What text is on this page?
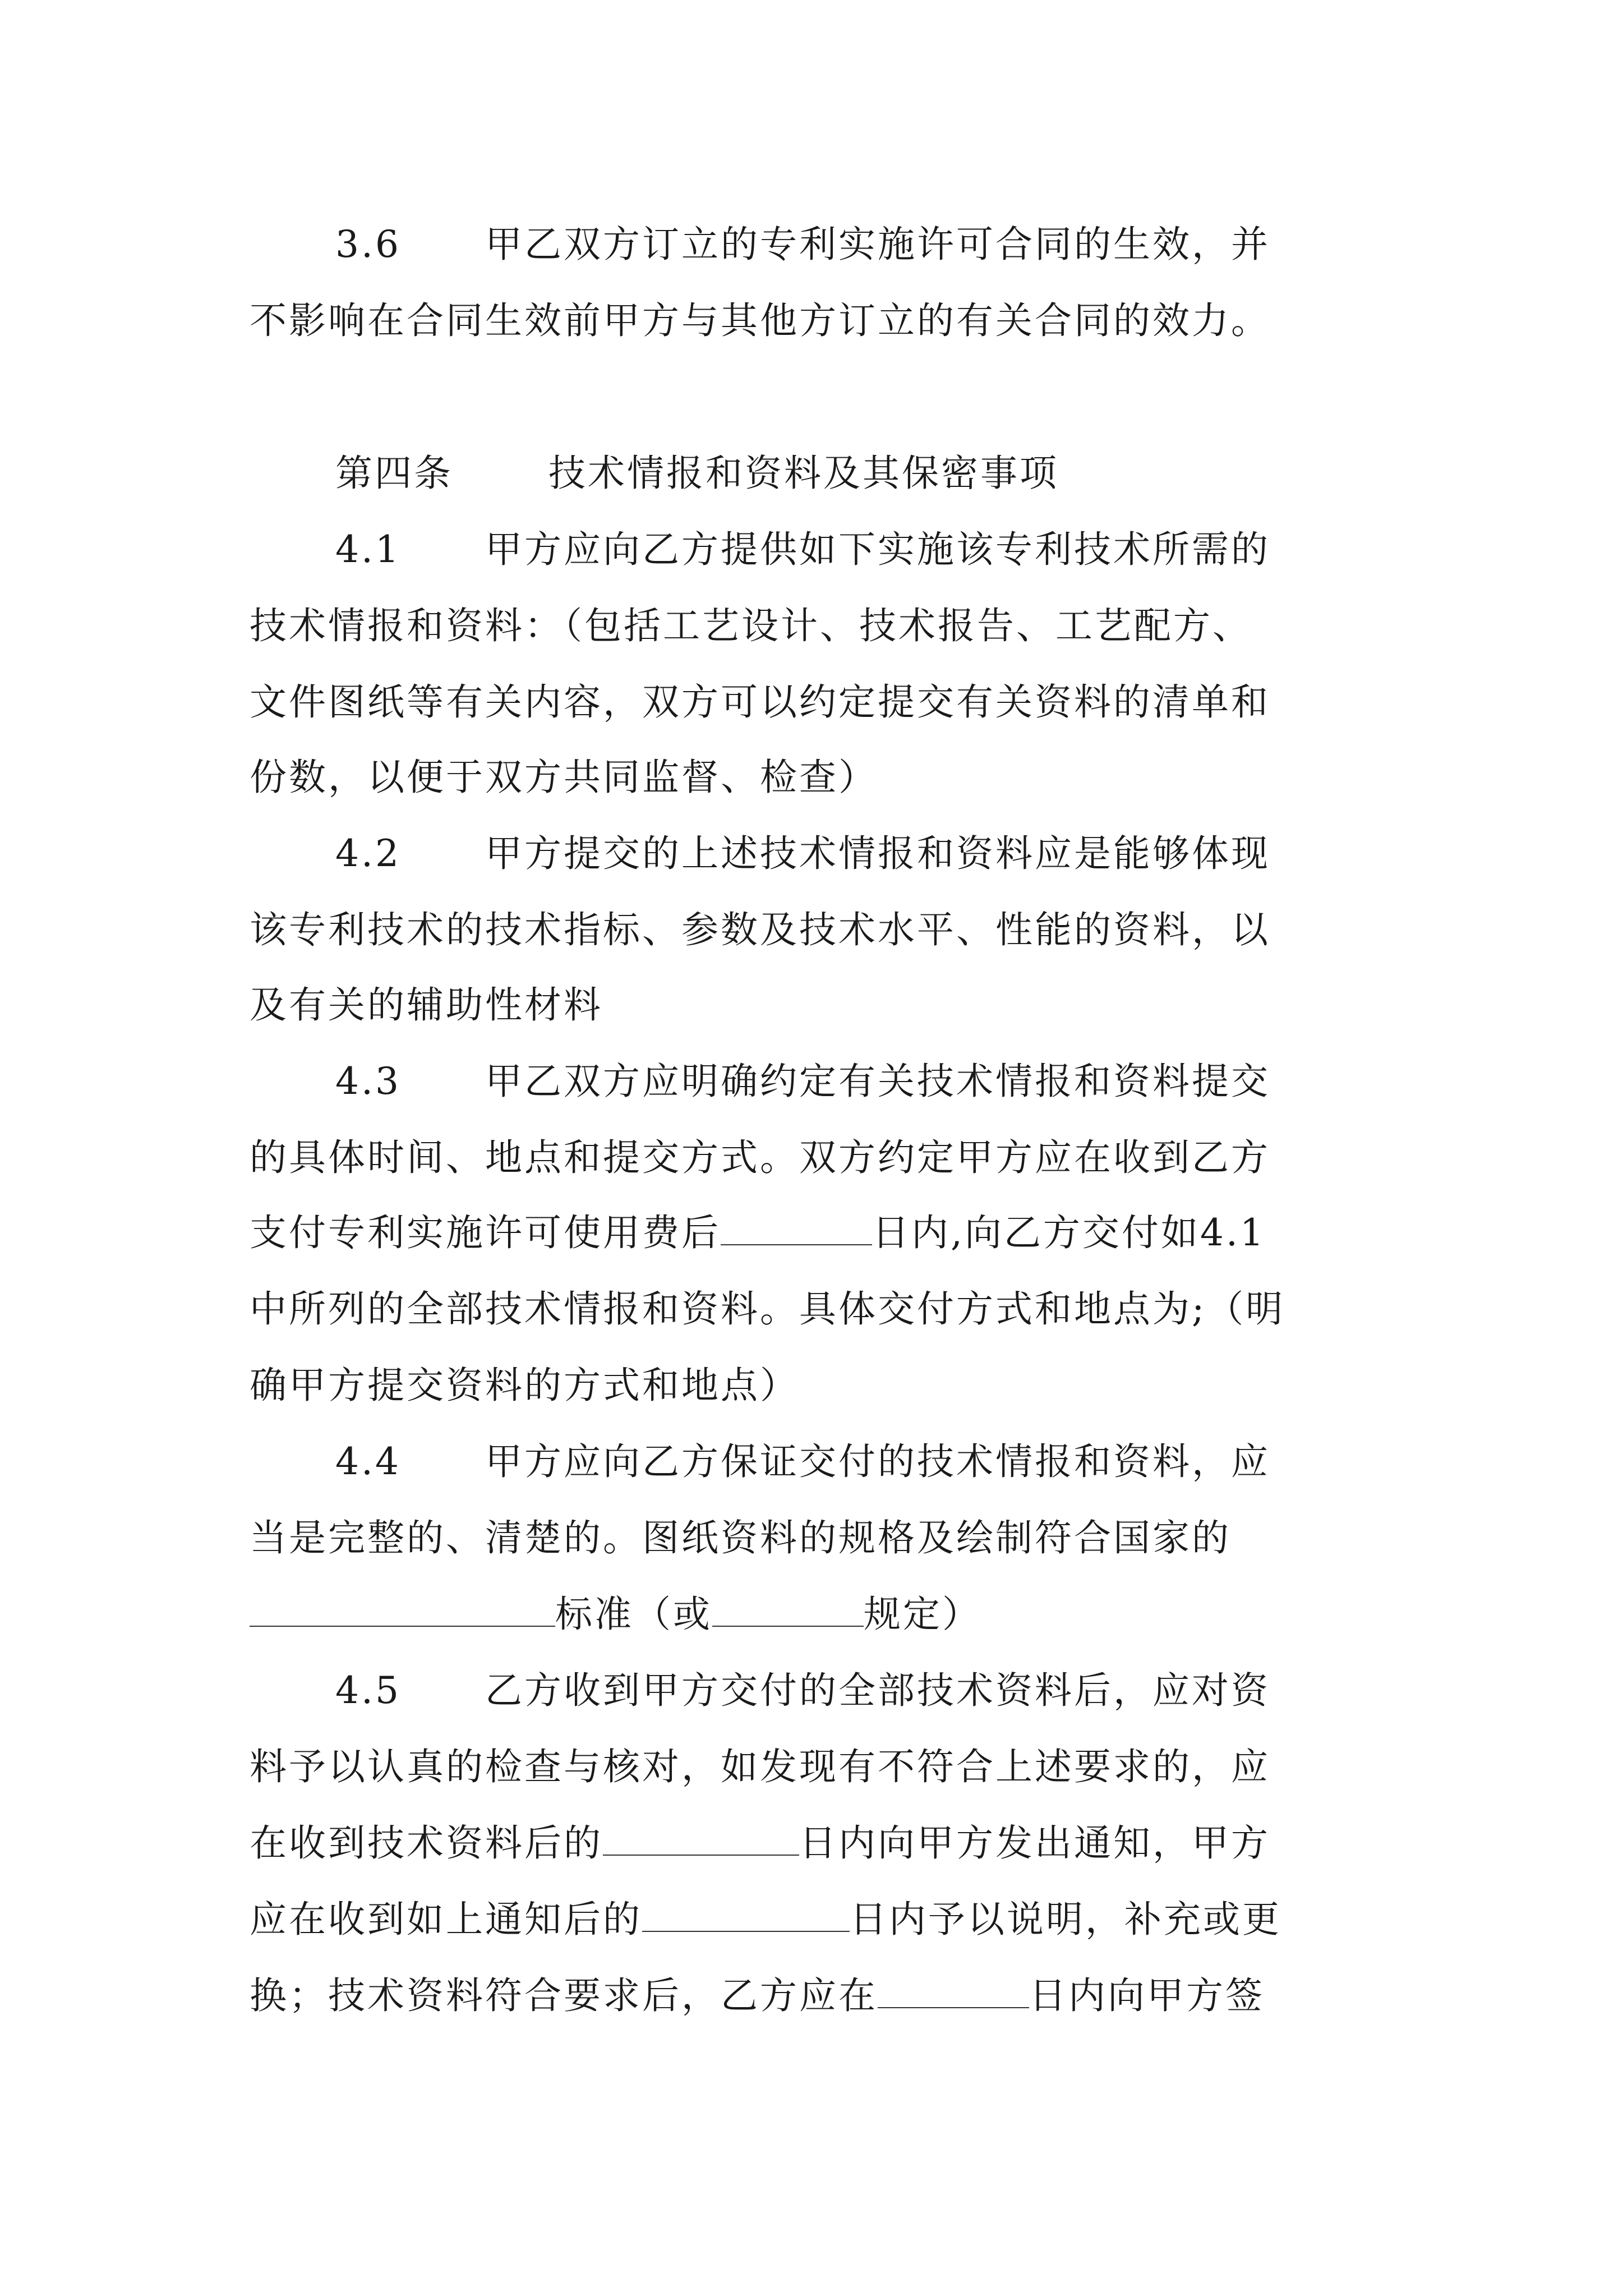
3.6 甲乙双方订立的专利实施许可合同的生效，并
不影响在合同生效前甲方与其他方订立的有关合同的效力。
第四条	技术情报和资料及其保密事项
4.1 甲方应向乙方提供如下实施该专利技术所需的
技术情报和资料：（包括工艺设计、技术报告、工艺配方、
文件图纸等有关内容，双方可以约定提交有关资料的清单和
份数，以便于双方共同监督、检查）
4.2 甲方提交的上述技术情报和资料应是能够体现
该专利技术的技术指标、参数及技术水平、性能的资料，以
及有关的辅助性材料
4.3 甲乙双方应明确约定有关技术情报和资料提交
的具体时间、地点和提交方式。双方约定甲方应在收到乙方
支付专利实施许可使用费后	日内,向乙方交付如4.1
中所列的全部技术情报和资料。具体交付方式和地点为;（明
确甲方提交资料的方式和地点）
4.4 甲方应向乙方保证交付的技术情报和资料，应
当是完整的、清楚的。图纸资料的规格及绘制符合国家的
标准（或	规定）
4.5 乙方收到甲方交付的全部技术资料后，应对资
料予以认真的检查与核对，如发现有不符合上述要求的，应
在收到技术资料后的	日内向甲方发出通知，甲方
应在收到如上通知后的	日内予以说明，补充或更
换；技术资料符合要求后，乙方应在	日内向甲方签
